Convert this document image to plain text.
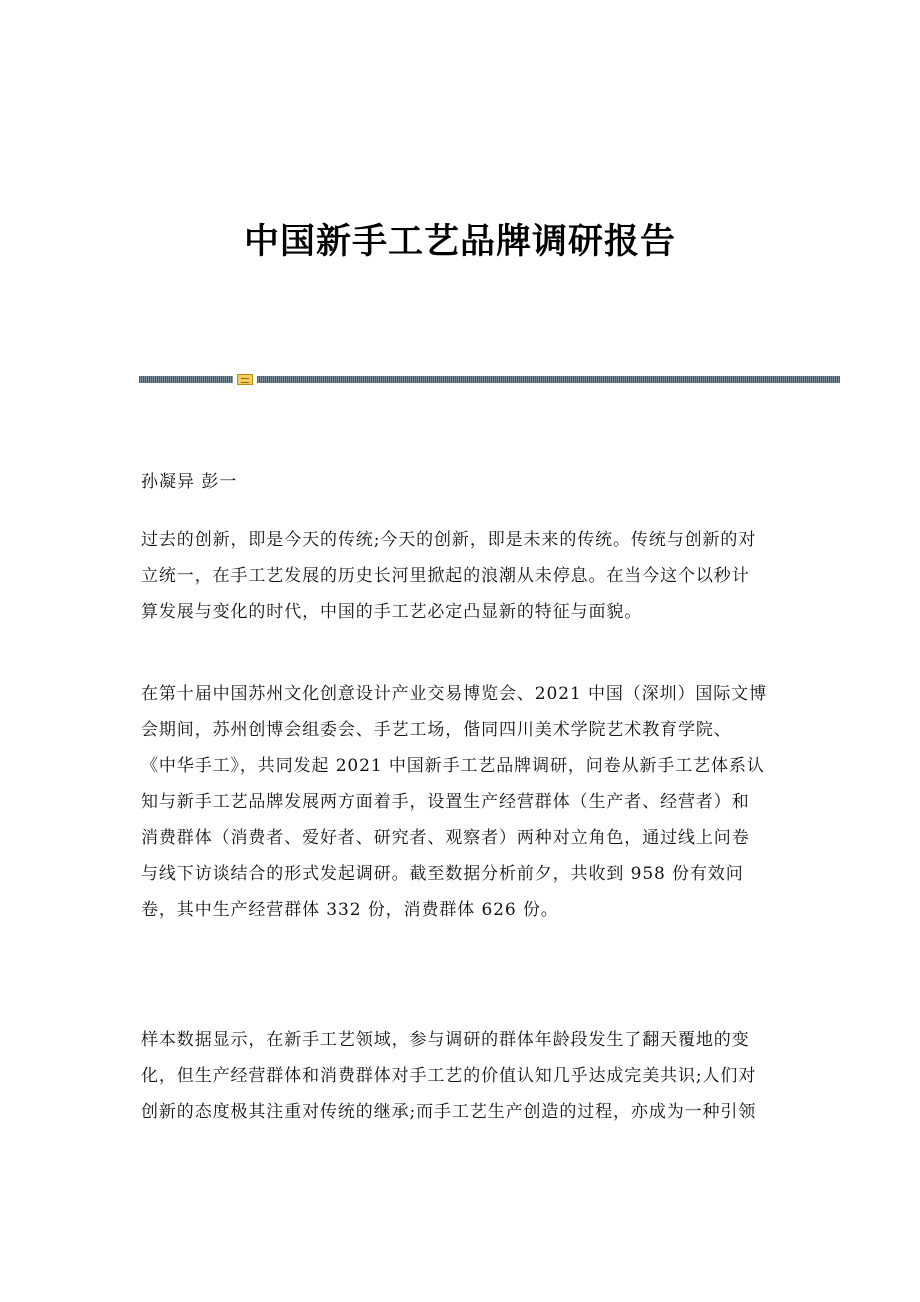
中国新手工艺品牌调研报告
孙凝异 彭一
过去的创新，即是今天的传统;今天的创新，即是未来的传统。传统与创新的对
立统一，在手工艺发展的历史长河里掀起的浪潮从未停息。在当今这个以秒计
算发展与变化的时代，中国的手工艺必定凸显新的特征与面貌。
在第十届中国苏州文化创意设计产业交易博览会、2021 中国（深圳）国际文博
会期间，苏州创博会组委会、手艺工场，偕同四川美术学院艺术教育学院、
《中华手工》，共同发起 2021 中国新手工艺品牌调研，问卷从新手工艺体系认
知与新手工艺品牌发展两方面着手，设置生产经营群体（生产者、经营者）和
消费群体（消费者、爱好者、研究者、观察者）两种对立角色，通过线上问卷
与线下访谈结合的形式发起调研。截至数据分析前夕，共收到 958 份有效问
卷，其中生产经营群体 332 份，消费群体 626 份。
样本数据显示，在新手工艺领域，参与调研的群体年龄段发生了翻天覆地的变
化，但生产经营群体和消费群体对手工艺的价值认知几乎达成完美共识;人们对
创新的态度极其注重对传统的继承;而手工艺生产创造的过程，亦成为一种引领
